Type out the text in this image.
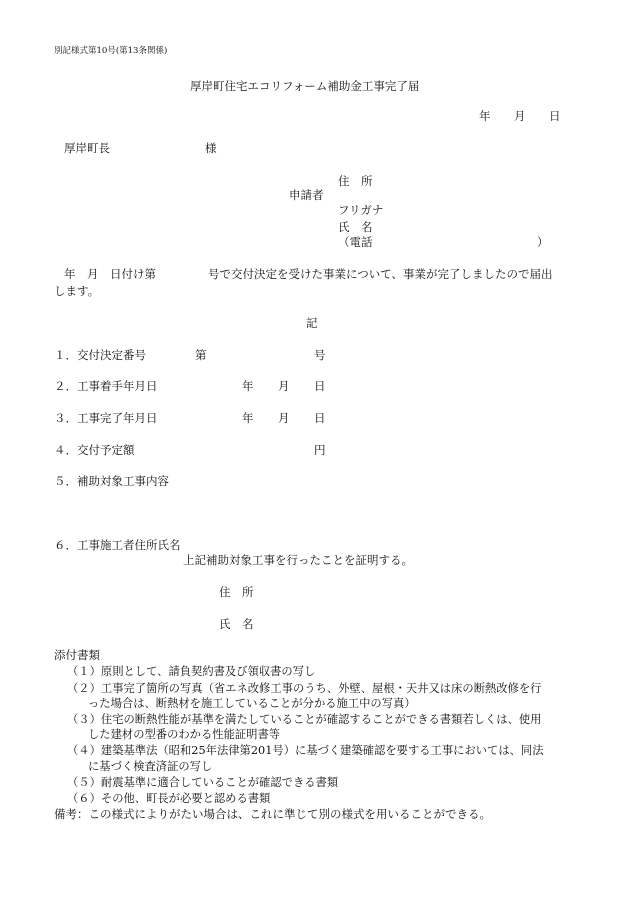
別記様式第10号(第13条関係)
厚岸町住宅エコリフォーム補助金工事完了届
年 月 日
厚岸町長	様
住　所
申請者
フリガナ
氏　名
（電話	）
年　月　日付け第	号で交付決定を受けた事業について、事業が完了しましたので届出
します。
記
１．交付決定番号	第	号
２．工事着手年月日	年 月 日
３．工事完了年月日	年 月 日
４．交付予定額	円
５．補助対象工事内容
６．工事施工者住所氏名
上記補助対象工事を行ったことを証明する。
住　所
氏　名
添付書類
（１）原則として、請負契約書及び領収書の写し
（２）工事完了箇所の写真（省エネ改修工事のうち、外壁、屋根・天井又は床の断熱改修を行
った場合は、断熱材を施工していることが分かる施工中の写真）
（３）住宅の断熱性能が基準を満たしていることが確認することができる書類若しくは、使用
した建材の型番のわかる性能証明書等
（４）建築基準法（昭和25年法律第201号）に基づく建築確認を要する工事においては、同法
に基づく検査済証の写し
（５）耐震基準に適合していることが確認できる書類
（６）その他、町長が必要と認める書類
備考：この様式によりがたい場合は、これに準じて別の様式を用いることができる。
